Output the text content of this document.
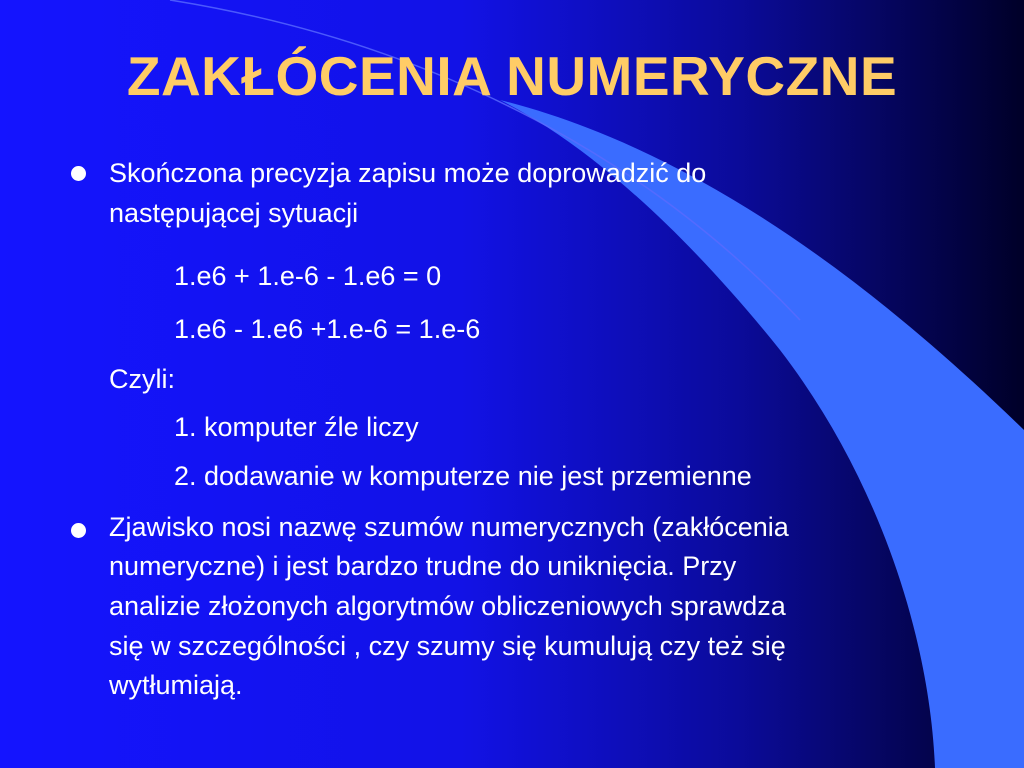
ZAKŁÓCENIA NUMERYCZNE

Skończona precyzja zapisu może doprowadzić do

następującej sytuacji

1.e6 + 1.e-6 - 1.e6 = 0

1.e6 - 1.e6 +1.e-6 = 1.e-6

Czyli:

1. komputer źle liczy

2. dodawanie w komputerze nie jest przemienne

Zjawisko nosi nazwę szumów numerycznych (zakłócenia

numeryczne) i jest bardzo trudne do uniknięcia. Przy

analizie złożonych algorytmów obliczeniowych sprawdza

się w szczególności , czy szumy się kumulują czy też się

wytłumiają.
